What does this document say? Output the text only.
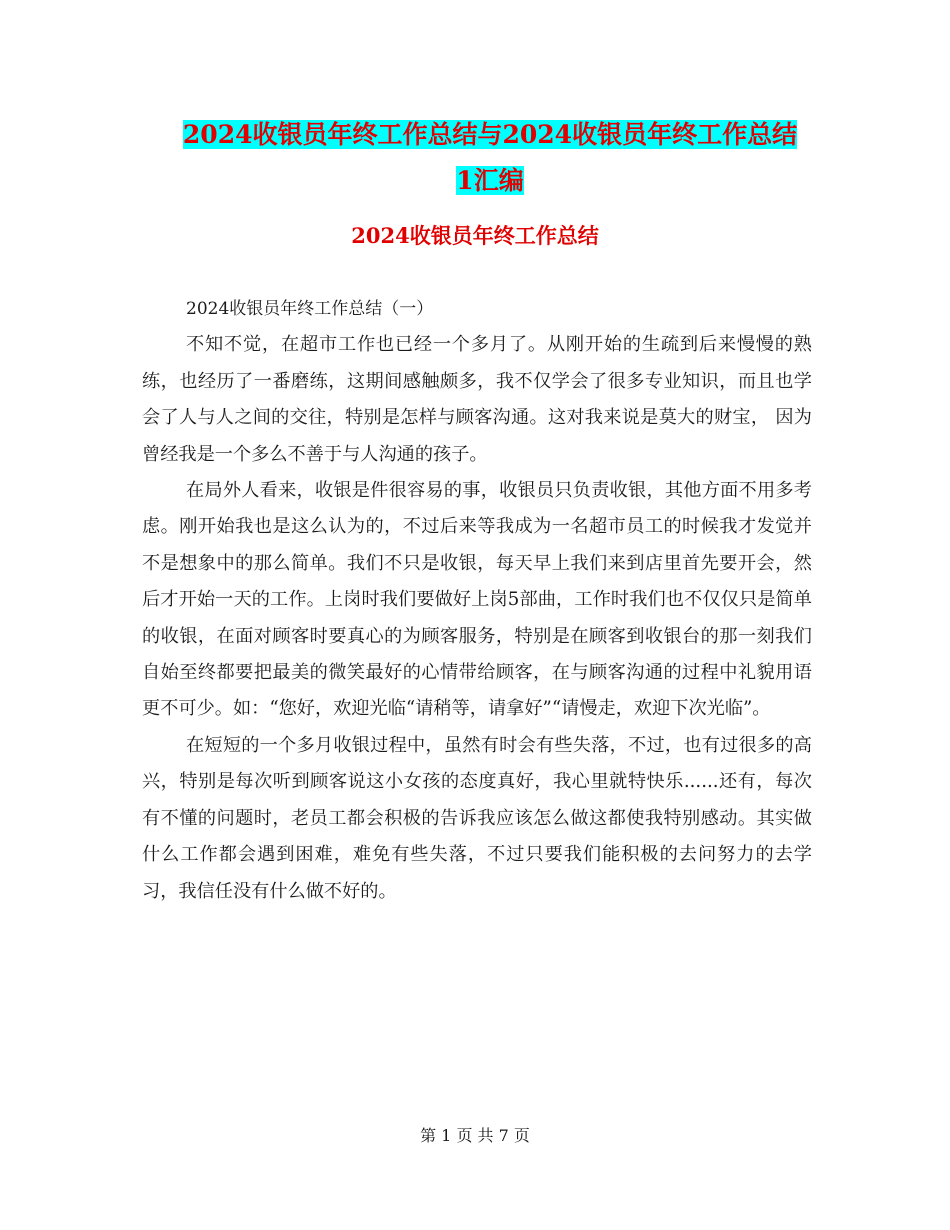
2024收银员年终工作总结与2024收银员年终工作总结
1汇编
2024收银员年终工作总结

2024收银员年终工作总结（一）

不知不觉，在超市工作也已经一个多月了。从刚开始的生疏到后来慢慢的熟练，也经历了一番磨练，这期间感触颇多，我不仅学会了很多专业知识，而且也学会了人与人之间的交往，特别是怎样与顾客沟通。这对我来说是莫大的财宝， 因为曾经我是一个多么不善于与人沟通的孩子。

在局外人看来，收银是件很容易的事，收银员只负责收银，其他方面不用多考虑。刚开始我也是这么认为的，不过后来等我成为一名超市员工的时候我才发觉并不是想象中的那么简单。我们不只是收银，每天早上我们来到店里首先要开会，然后才开始一天的工作。上岗时我们要做好上岗5部曲，工作时我们也不仅仅只是简单的收银，在面对顾客时要真心的为顾客服务，特别是在顾客到收银台的那一刻我们自始至终都要把最美的微笑最好的心情带给顾客，在与顾客沟通的过程中礼貌用语更不可少。如：“您好，欢迎光临“请稍等，请拿好”“请慢走，欢迎下次光临”。

在短短的一个多月收银过程中，虽然有时会有些失落，不过，也有过很多的高兴，特别是每次听到顾客说这小女孩的态度真好，我心里就特快乐......还有，每次有不懂的问题时，老员工都会积极的告诉我应该怎么做这都使我特别感动。其实做什么工作都会遇到困难，难免有些失落，不过只要我们能积极的去问努力的去学习，我信任没有什么做不好的。

第 1 页 共 7 页
